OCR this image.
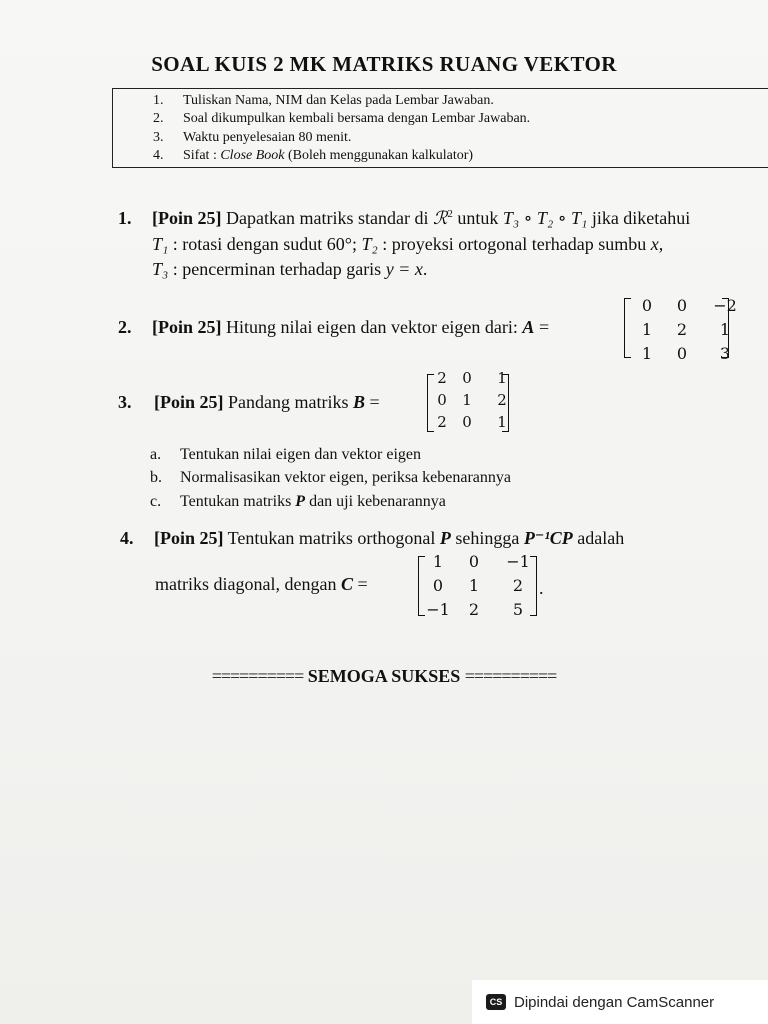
SOAL KUIS 2 MK MATRIKS RUANG VEKTOR
1. Tuliskan Nama, NIM dan Kelas pada Lembar Jawaban.
2. Soal dikumpulkan kembali bersama dengan Lembar Jawaban.
3. Waktu penyelesaian 80 menit.
4. Sifat : Close Book (Boleh menggunakan kalkulator)
1. [Poin 25] Dapatkan matriks standar di ℛ$^2$ untuk T₃ ∘ T₂ ∘ T₁ jika diketahui
T₁ : rotasi dengan sudut 60°; T₂ : proyeksi ortogonal terhadap sumbu x,
T₃ : pencerminan terhadap garis y = x.
2. [Poin 25] Hitung nilai eigen dan vektor eigen dari: A =
0	0	−2
1	2	1
1	0	3
3. [Poin 25] Pandang matriks B =
2	0	1
0	1	2
2	0	1
a. Tentukan nilai eigen dan vektor eigen
b. Normalisasikan vektor eigen, periksa kebenarannya
c. Tentukan matriks P dan uji kebenarannya
4. [Poin 25] Tentukan matriks orthogonal P sehingga P⁻¹CP adalah
matriks diagonal, dengan C =
1	0	−1
0	1	2
−1	2	5
.
========== SEMOGA SUKSES ==========
CS Dipindai dengan CamScanner
